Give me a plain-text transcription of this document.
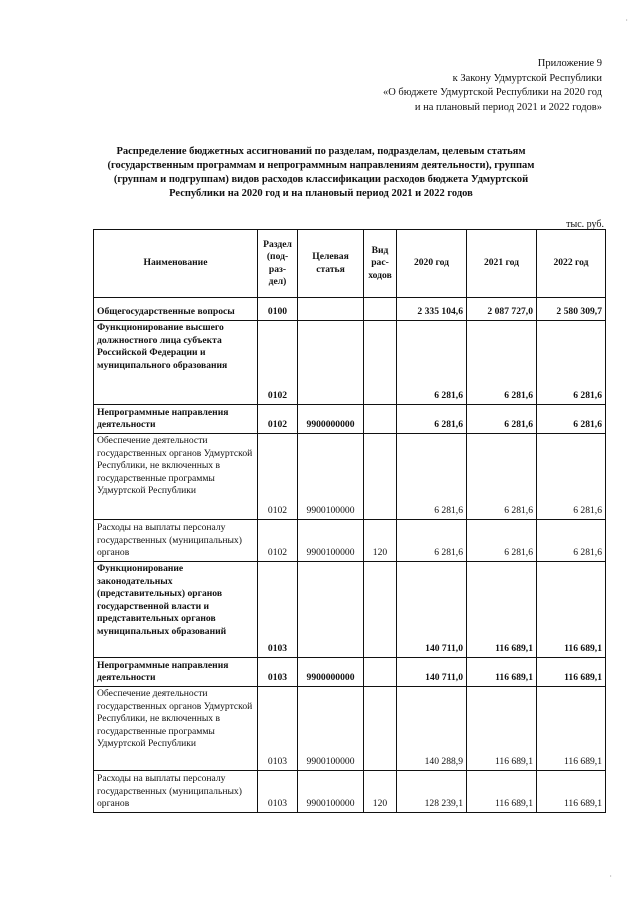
Приложение 9
к Закону Удмуртской Республики
«О бюджете Удмуртской Республики на 2020 год
и на плановый период 2021 и 2022 годов»
Распределение бюджетных ассигнований по разделам, подразделам, целевым статьям (государственным программам и непрограммным направлениям деятельности), группам (группам и подгруппам) видов расходов классификации расходов бюджета Удмуртской Республики на 2020 год и на плановый период 2021 и 2022 годов
тыс. руб.
Наименование	Раздел (под-раз-дел)	Целевая статья	Вид рас-ходов	2020 год	2021 год	2022 год
Общегосударственные вопросы	0100			2 335 104,6	2 087 727,0	2 580 309,7
Функционирование высшего должностного лица субъекта Российской Федерации и муниципального образования	0102			6 281,6	6 281,6	6 281,6
Непрограммные направления деятельности	0102	9900000000		6 281,6	6 281,6	6 281,6
Обеспечение деятельности государственных органов Удмуртской Республики, не включенных в государственные программы Удмуртской Республики	0102	9900100000		6 281,6	6 281,6	6 281,6
Расходы на выплаты персоналу государственных (муниципальных) органов	0102	9900100000	120	6 281,6	6 281,6	6 281,6
Функционирование законодательных (представительных) органов государственной власти и представительных органов муниципальных образований	0103			140 711,0	116 689,1	116 689,1
Непрограммные направления деятельности	0103	9900000000		140 711,0	116 689,1	116 689,1
Обеспечение деятельности государственных органов Удмуртской Республики, не включенных в государственные программы Удмуртской Республики	0103	9900100000		140 288,9	116 689,1	116 689,1
Расходы на выплаты персоналу государственных (муниципальных) органов	0103	9900100000	120	128 239,1	116 689,1	116 689,1
·
·
